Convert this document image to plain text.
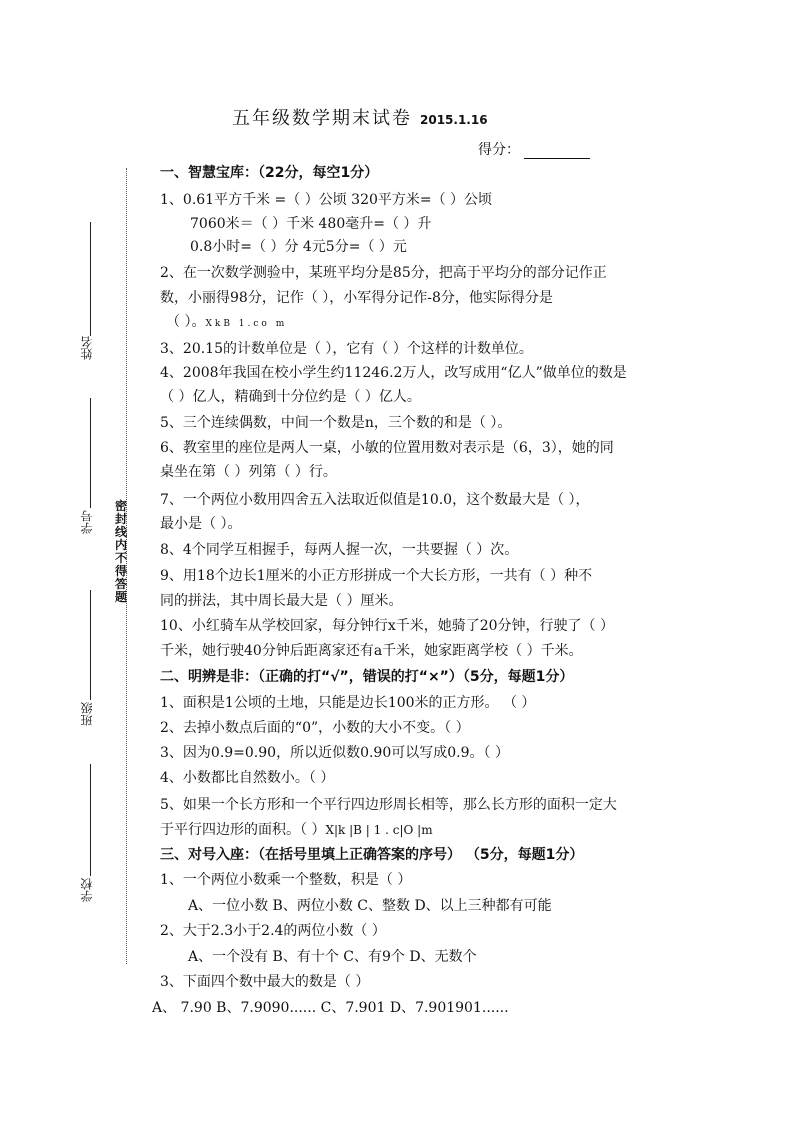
五年级数学期末试卷 2015.1.16
得分：
密封线内不得答题
姓名
学号
班级
学校
一、智慧宝库：（22分，每空1分）
1、0.61平方千米 =（ ）公顷 320平方米=（ ）公顷
7060米＝（ ）千米 480毫升=（ ）升
0.8小时=（ ）分 4元5分=（ ）元
2、在一次数学测验中，某班平均分是85分，把高于平均分的部分记作正
数，小丽得98分，记作（ ），小军得分记作-8分，他实际得分是
（ ）。XkB 1.co m
3、20.15的计数单位是（ ），它有（ ）个这样的计数单位。
4、2008年我国在校小学生约11246.2万人，改写成用“亿人”做单位的数是
（ ）亿人，精确到十分位约是（ ）亿人。
5、三个连续偶数，中间一个数是n，三个数的和是（ ）。
6、教室里的座位是两人一桌，小敏的位置用数对表示是（6，3），她的同
桌坐在第（ ）列第（ ）行。
7、一个两位小数用四舍五入法取近似值是10.0，这个数最大是（ ），
最小是（ ）。
8、4个同学互相握手，每两人握一次，一共要握（ ）次。
9、用18个边长1厘米的小正方形拼成一个大长方形，一共有（ ）种不
同的拼法，其中周长最大是（ ）厘米。
10、小红骑车从学校回家，每分钟行x千米，她骑了20分钟，行驶了（ ）
千米，她行驶40分钟后距离家还有a千米，她家距离学校（ ）千米。
二、明辨是非：（正确的打“√”，错误的打“×”）（5分，每题1分）
1、面积是1公顷的土地，只能是边长100米的正方形。 （ ）
2、去掉小数点后面的“0”，小数的大小不变。（ ）
3、因为0.9=0.90，所以近似数0.90可以写成0.9。（ ）
4、小数都比自然数小。（ ）
5、如果一个长方形和一个平行四边形周长相等，那么长方形的面积一定大
于平行四边形的面积。（ ）X|k |B | 1 . c|O |m
三、对号入座：（在括号里填上正确答案的序号） （5分，每题1分）
1、一个两位小数乘一个整数，积是（ ）
A、一位小数 B、两位小数 C、整数 D、以上三种都有可能
2、大于2.3小于2.4的两位小数（ ）
A、一个没有 B、有十个 C、有9个 D、无数个
3、下面四个数中最大的数是（ ）
A、 7.90 B、7.9090...... C、7.901 D、7.901901......
